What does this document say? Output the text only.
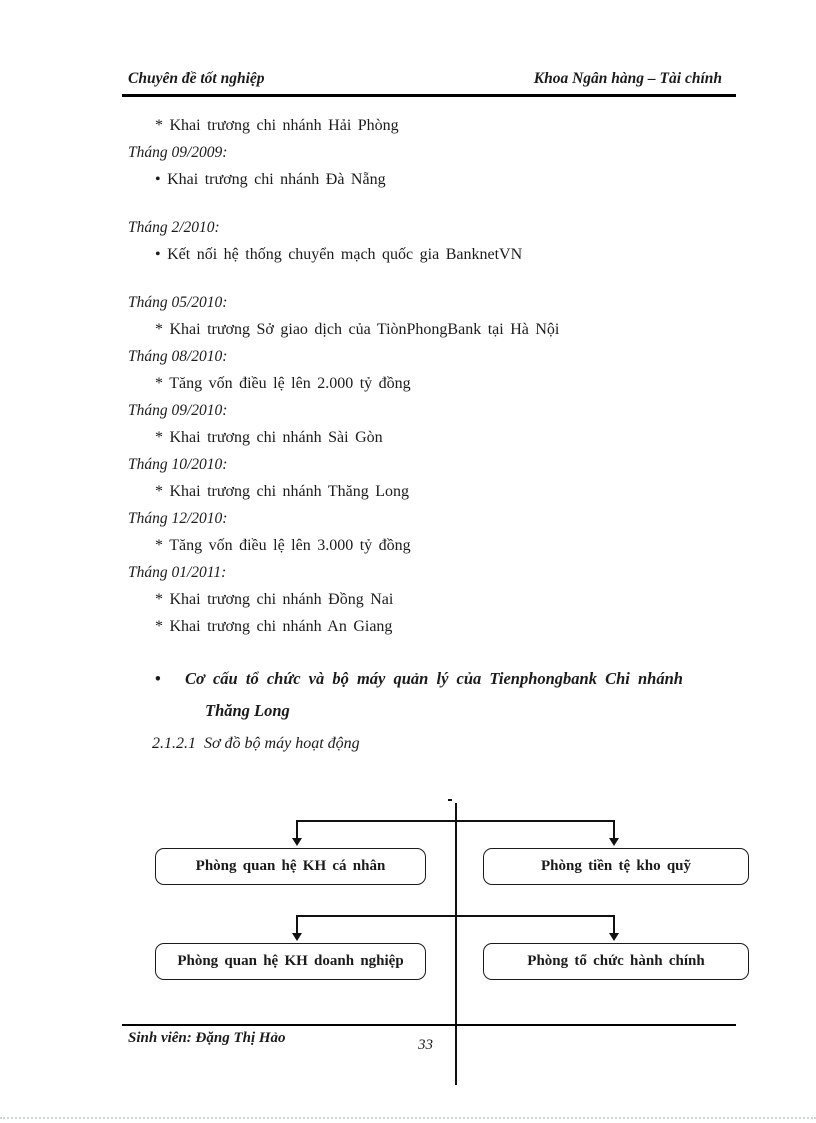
Chuyên đề tốt nghiệp	Khoa Ngân hàng – Tài chính
* Khai trương chi nhánh Hải Phòng
Tháng 09/2009:
• Khai trương chi nhánh Đà Nẵng
Tháng 2/2010:
• Kết nối hệ thống chuyển mạch quốc gia BanknetVN
Tháng 05/2010:
* Khai trương Sở giao dịch của TiònPhongBank tại Hà Nội
Tháng 08/2010:
* Tăng vốn điều lệ lên 2.000 tỷ đồng
Tháng 09/2010:
* Khai trương chi nhánh Sài Gòn
Tháng 10/2010:
* Khai trương chi nhánh Thăng Long
Tháng 12/2010:
* Tăng vốn điều lệ lên 3.000 tỷ đồng
Tháng 01/2011:
* Khai trương chi nhánh Đồng Nai
* Khai trương chi nhánh An Giang
• Cơ cấu tổ chức và bộ máy quản lý của Tienphongbank Chi nhánh
Thăng Long
2.1.2.1  Sơ đồ bộ máy hoạt động
Phòng quan hệ KH cá nhân	Phòng tiền tệ kho quỹ
Phòng quan hệ KH doanh nghiệp	Phòng tổ chức hành chính
Sinh viên: Đặng Thị Hảo	33
